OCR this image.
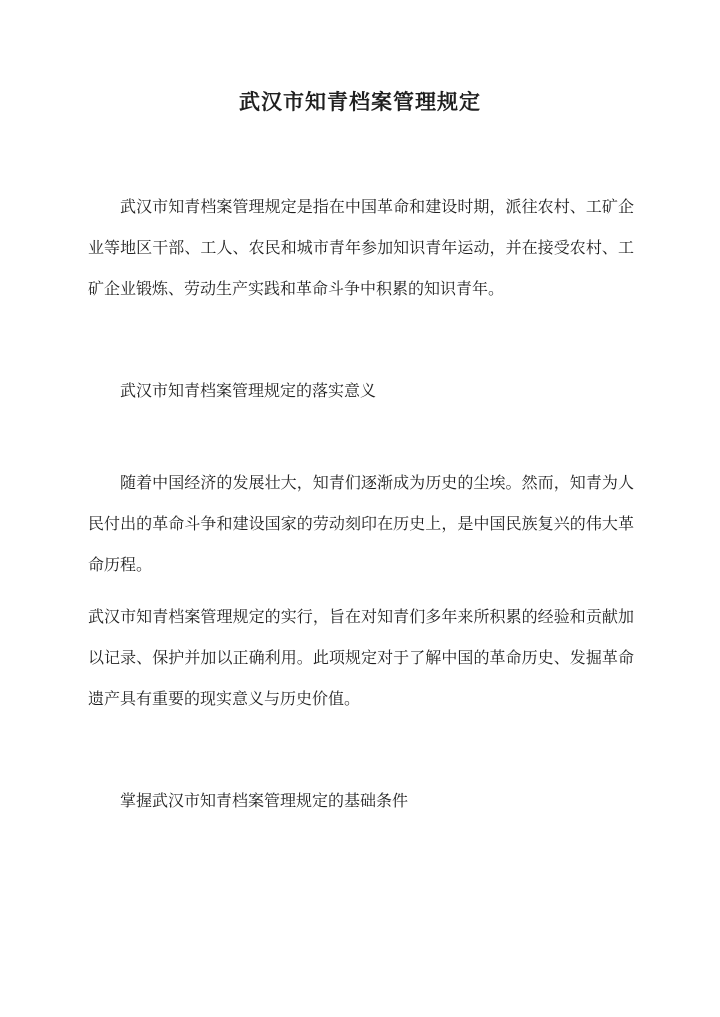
武汉市知青档案管理规定

武汉市知青档案管理规定是指在中国革命和建设时期，派往农村、工矿企业等地区干部、工人、农民和城市青年参加知识青年运动，并在接受农村、工矿企业锻炼、劳动生产实践和革命斗争中积累的知识青年。

武汉市知青档案管理规定的落实意义

随着中国经济的发展壮大，知青们逐渐成为历史的尘埃。然而，知青为人民付出的革命斗争和建设国家的劳动刻印在历史上，是中国民族复兴的伟大革命历程。

武汉市知青档案管理规定的实行，旨在对知青们多年来所积累的经验和贡献加以记录、保护并加以正确利用。此项规定对于了解中国的革命历史、发掘革命遗产具有重要的现实意义与历史价值。

掌握武汉市知青档案管理规定的基础条件
